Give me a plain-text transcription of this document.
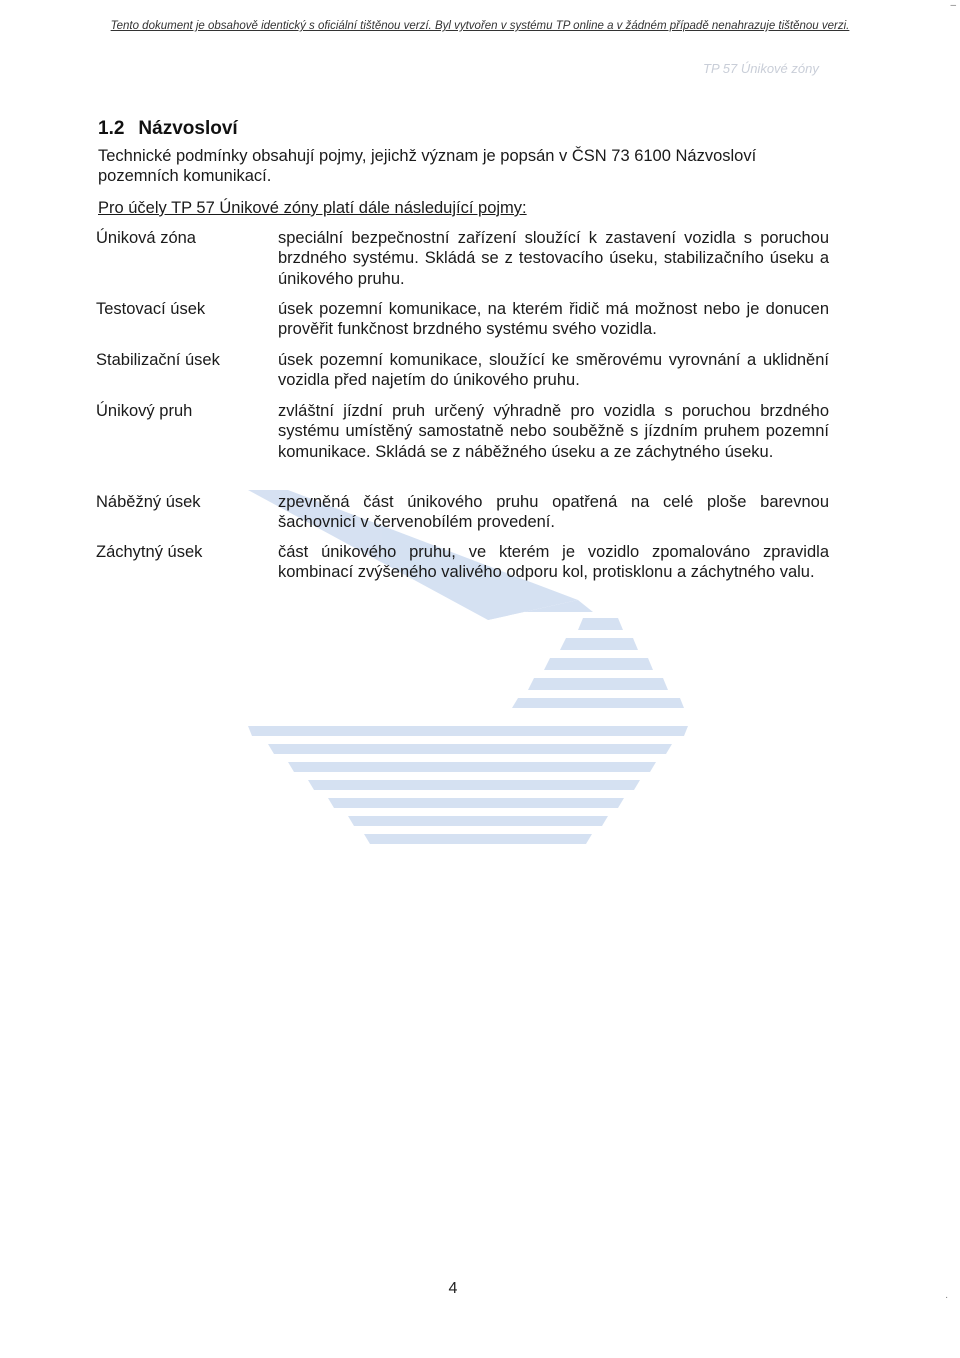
Tento dokument je obsahově identický s oficiální tištěnou verzí. Byl vytvořen v systému TP online a v žádném případě nenahrazuje tištěnou verzi.
–
TP 57 Únikové zóny
1.2 Názvosloví
Technické podmínky obsahují pojmy, jejichž význam je popsán v ČSN 73 6100 Názvosloví
pozemních komunikací.
Pro účely TP 57 Únikové zóny platí dále následující pojmy:
Úniková zóna	speciální bezpečnostní zařízení sloužící k zastavení vozidla s poruchou brzdného systému. Skládá se z testovacího úseku, stabilizačního úseku a únikového pruhu.
Testovací úsek	úsek pozemní komunikace, na kterém řidič má možnost nebo je donucen prověřit funkčnost brzdného systému svého vozidla.
Stabilizační úsek	úsek pozemní komunikace, sloužící ke směrovému vyrovnání a uklidnění vozidla před najetím do únikového pruhu.
Únikový pruh	zvláštní jízdní pruh určený výhradně pro vozidla s poruchou brzdného systému umístěný samostatně nebo souběžně s jízdním pruhem pozemní komunikace. Skládá se z náběžného úseku a ze záchytného úseku.
Náběžný úsek	zpevněná část únikového pruhu opatřená na celé ploše barevnou šachovnicí v červenobílém provedení.
Záchytný úsek	část únikového pruhu, ve kterém je vozidlo zpomalováno zpravidla kombinací zvýšeného valivého odporu kol, protisklonu a záchytného valu.
4	.
